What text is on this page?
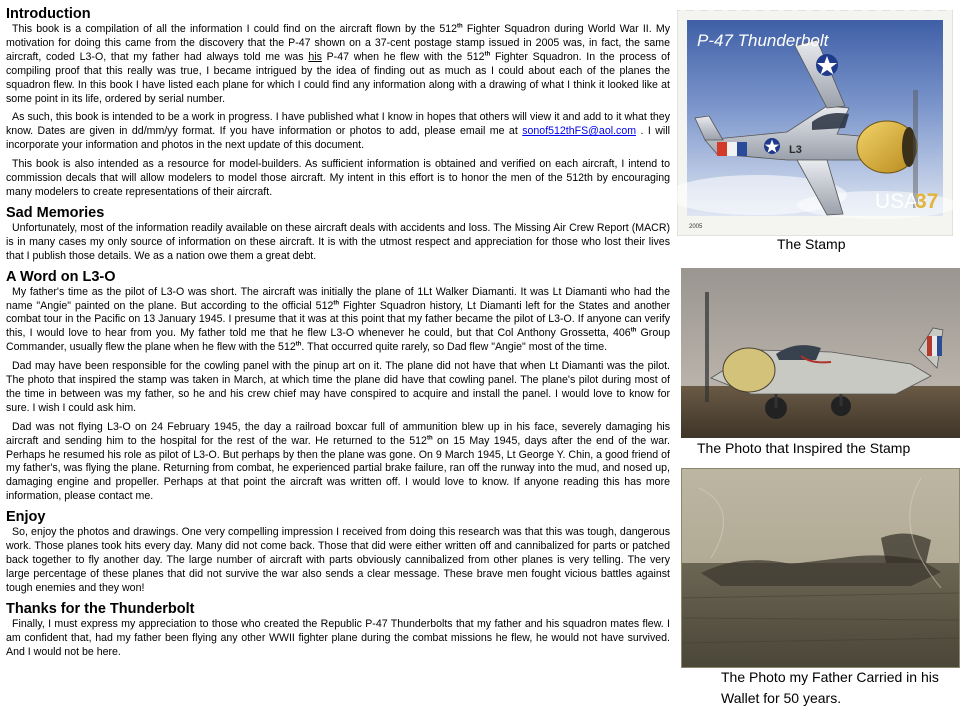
Introduction

This book is a compilation of all the information I could find on the aircraft flown by the 512th Fighter Squadron during World War II. My motivation for doing this came from the discovery that the P-47 shown on a 37-cent postage stamp issued in 2005 was, in fact, the same aircraft, coded L3-O, that my father had always told me was his P-47 when he flew with the 512th Fighter Squadron. In the process of compiling proof that this really was true, I became intrigued by the idea of finding out as much as I could about each of the planes the squadron flew. In this book I have listed each plane for which I could find any information along with a drawing of what I think it looked like at some point in its life, ordered by serial number.

As such, this book is intended to be a work in progress. I have published what I know in hopes that others will view it and add to it what they know. Dates are given in dd/mm/yy format. If you have information or photos to add, please email me at sonof512thFS@aol.com . I will incorporate your information and photos in the next update of this document.

This book is also intended as a resource for model-builders. As sufficient information is obtained and verified on each aircraft, I intend to commission decals that will allow modelers to model those aircraft. My intent in this effort is to honor the men of the 512th by encouraging many modelers to create representations of their aircraft.

Sad Memories

Unfortunately, most of the information readily available on these aircraft deals with accidents and loss. The Missing Air Crew Report (MACR) is in many cases my only source of information on these aircraft. It is with the utmost respect and appreciation for those who lost their lives that I publish those details. We as a nation owe them a great debt.

A Word on L3-O

My father's time as the pilot of L3-O was short. The aircraft was initially the plane of 1Lt Walker Diamanti. It was Lt Diamanti who had the name "Angie" painted on the plane. But according to the official 512th Fighter Squadron history, Lt Diamanti left for the States and another combat tour in the Pacific on 13 January 1945. I presume that it was at this point that my father became the pilot of L3-O. If anyone can verify this, I would love to hear from you. My father told me that he flew L3-O whenever he could, but that Col Anthony Grossetta, 406th Group Commander, usually flew the plane when he flew with the 512th. That occurred quite rarely, so Dad flew "Angie" most of the time.

Dad may have been responsible for the cowling panel with the pinup art on it. The plane did not have that when Lt Diamanti was the pilot. The photo that inspired the stamp was taken in March, at which time the plane did have that cowling panel. The plane's pilot during most of the time in between was my father, so he and his crew chief may have conspired to acquire and install the panel. I would love to know for sure. I wish I could ask him.

Dad was not flying L3-O on 24 February 1945, the day a railroad boxcar full of ammunition blew up in his face, severely damaging his aircraft and sending him to the hospital for the rest of the war. He returned to the 512th on 15 May 1945, days after the end of the war. Perhaps he resumed his role as pilot of L3-O. But perhaps by then the plane was gone. On 9 March 1945, Lt George Y. Chin, a good friend of my father's, was flying the plane. Returning from combat, he experienced partial brake failure, ran off the runway into the mud, and nosed up, damaging engine and propeller. Perhaps at that point the aircraft was written off. I would love to know. If anyone reading this has more information, please contact me.

Enjoy

So, enjoy the photos and drawings. One very compelling impression I received from doing this research was that this was tough, dangerous work. Those planes took hits every day. Many did not come back. Those that did were either written off and cannibalized for parts or patched back together to fly another day. The large number of aircraft with parts obviously cannibalized from other planes is very telling. The very large percentage of these planes that did not survive the war also sends a clear message. These brave men fought vicious battles against tough enemies and they won!

Thanks for the Thunderbolt

Finally, I must express my appreciation to those who created the Republic P-47 Thunderbolts that my father and his squadron mates flew. I am confident that, had my father been flying any other WWII fighter plane during the combat missions he flew, he would not have survived. And I would not be here.

L3
P-47 Thunderbolt
USA
37
2005
The Stamp
The Photo that Inspired the Stamp
The Photo my Father Carried in his Wallet for 50 years.
